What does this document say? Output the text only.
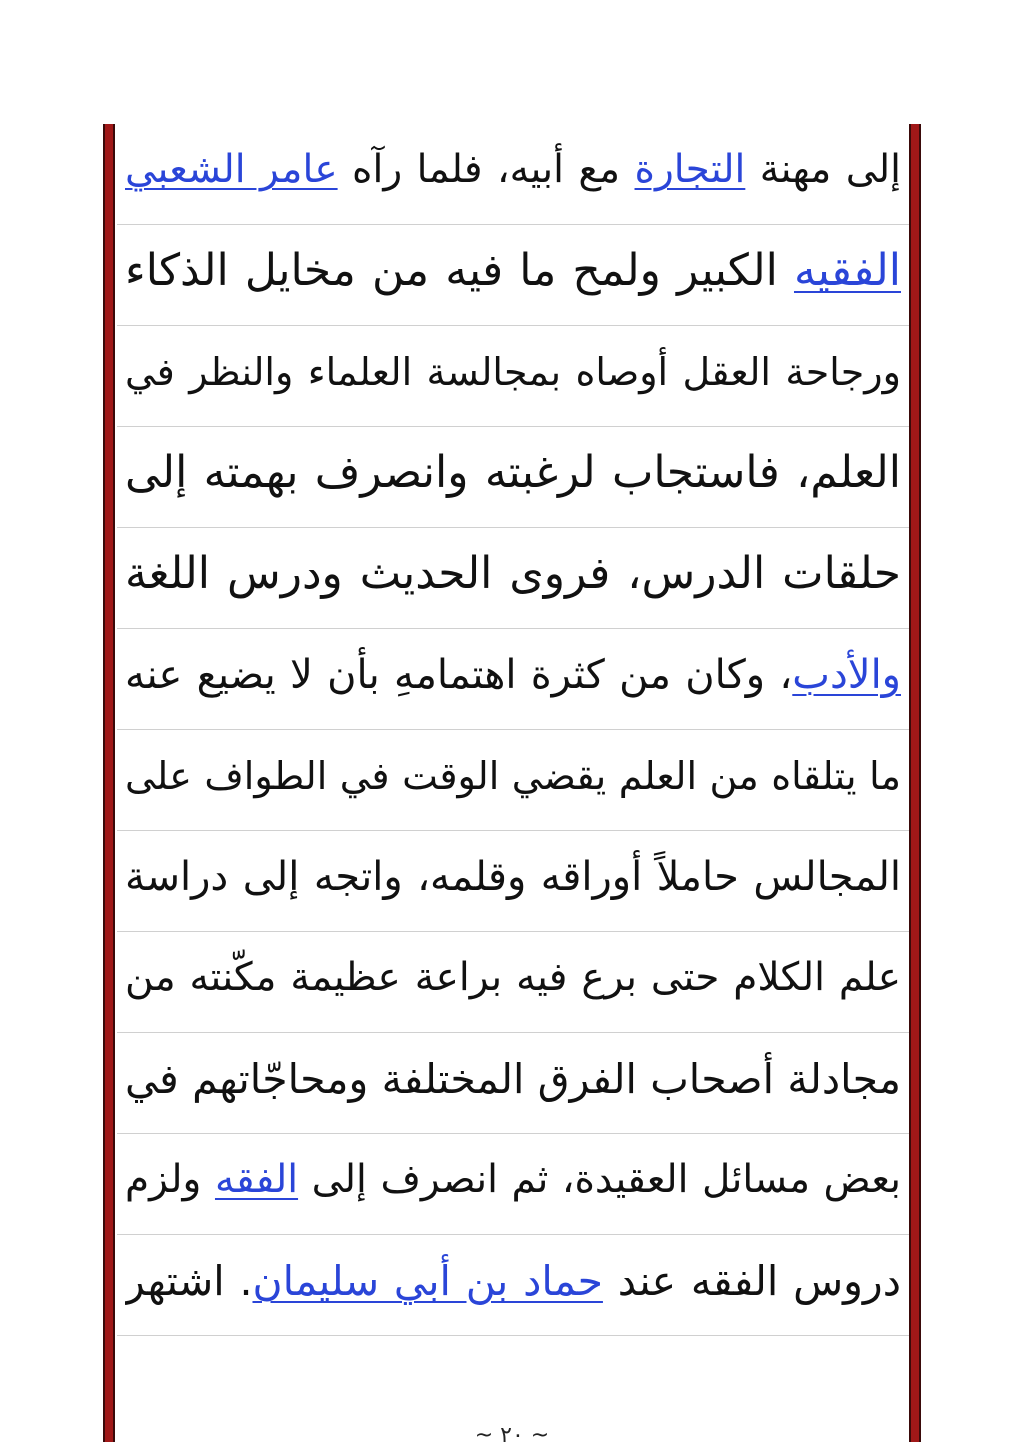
إلى مهنة التجارة مع أبيه، فلما رآه عامر الشعبي
الفقيه الكبير ولمح ما فيه من مخايل الذكاء
ورجاحة العقل أوصاه بمجالسة العلماء والنظر في
العلم، فاستجاب لرغبته وانصرف بهمته إلى
حلقات الدرس، فروى الحديث ودرس اللغة
والأدب، وكان من كثرة اهتمامهِ بأن لا يضيع عنه
ما يتلقاه من العلم يقضي الوقت في الطواف على
المجالس حاملاً أوراقه وقلمه، واتجه إلى دراسة
علم الكلام حتى برع فيه براعة عظيمة مكّنته من
مجادلة أصحاب الفرق المختلفة ومحاجّاتهم في
بعض مسائل العقيدة، ثم انصرف إلى الفقه ولزم
دروس الفقه عند حماد بن أبي سليمان. اشتهر
~ ٢٠ ~
